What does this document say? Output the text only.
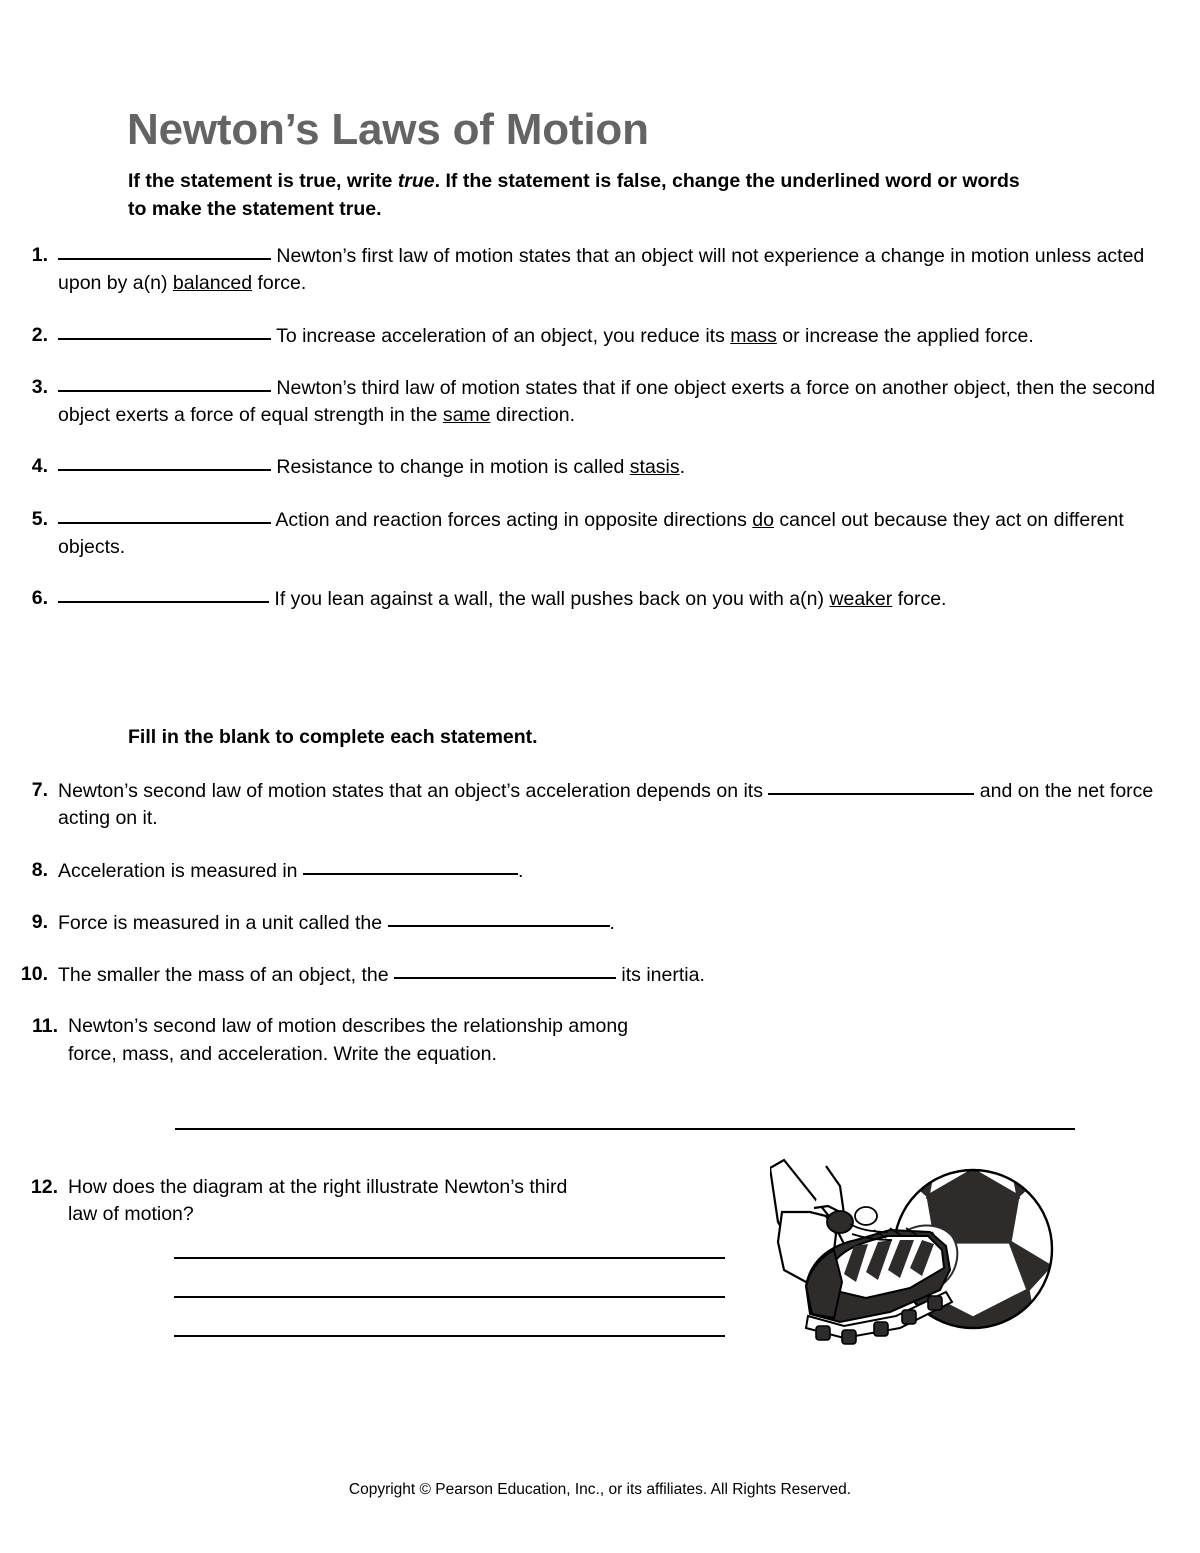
Newton’s Laws of Motion
If the statement is true, write true. If the statement is false, change the underlined word or words to make the statement true.
1.	Newton’s first law of motion states that an object will not experience a change in motion unless acted upon by a(n) balanced force.
2.	To increase acceleration of an object, you reduce its mass or increase the applied force.
3.	Newton’s third law of motion states that if one object exerts a force on another object, then the second object exerts a force of equal strength in the same direction.
4.	Resistance to change in motion is called stasis.
5.	Action and reaction forces acting in opposite directions do cancel out because they act on different objects.
6.	If you lean against a wall, the wall pushes back on you with a(n) weaker force.
Fill in the blank to complete each statement.
7. Newton’s second law of motion states that an object’s acceleration depends on its	and on the net force acting on it.
8. Acceleration is measured in	.
9. Force is measured in a unit called the	.
10. The smaller the mass of an object, the	its inertia.
11. Newton’s second law of motion describes the relationship among force, mass, and acceleration. Write the equation.
12. How does the diagram at the right illustrate Newton’s third law of motion?
Copyright © Pearson Education, Inc., or its affiliates. All Rights Reserved.
